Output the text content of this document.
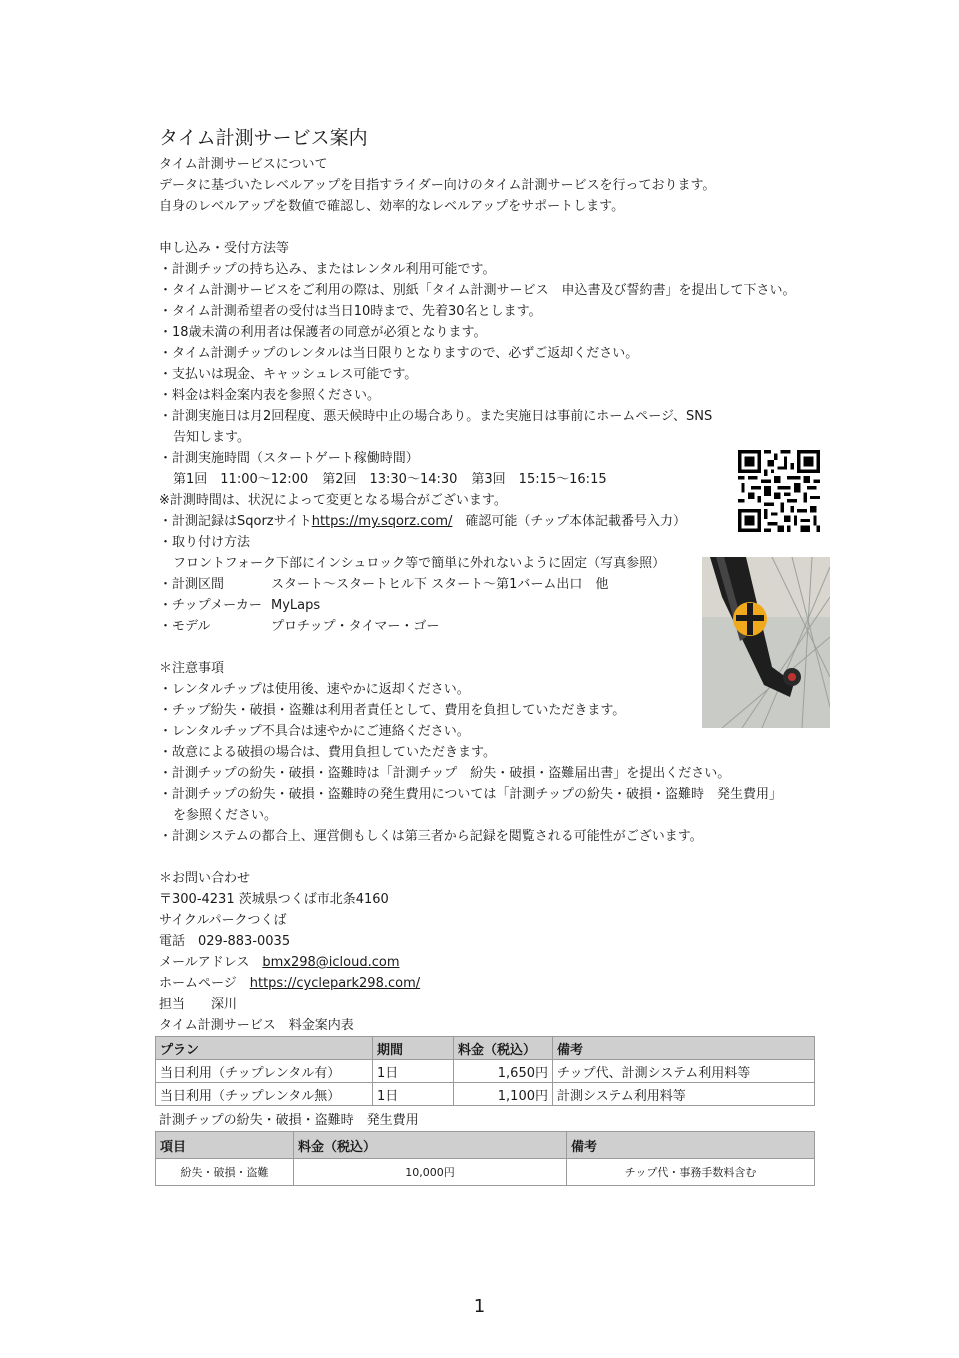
タイム計測サービス案内
タイム計測サービスについて
データに基づいたレベルアップを目指すライダー向けのタイム計測サービスを行っております。
自身のレベルアップを数値で確認し、効率的なレベルアップをサポートします。
申し込み・受付方法等
・計測チップの持ち込み、またはレンタル利用可能です。
・タイム計測サービスをご利用の際は、別紙「タイム計測サービス　申込書及び誓約書」を提出して下さい。
・タイム計測希望者の受付は当日10時まで、先着30名とします。
・18歳未満の利用者は保護者の同意が必須となります。
・タイム計測チップのレンタルは当日限りとなりますので、必ずご返却ください。
・支払いは現金、キャッシュレス可能です。
・料金は料金案内表を参照ください。
・計測実施日は月2回程度、悪天候時中止の場合あり。また実施日は事前にホームページ、SNS
告知します。
・計測実施時間（スタートゲート稼働時間）
第1回　11:00〜12:00 第2回　13:30〜14:30 第3回　15:15〜16:15
※計測時間は、状況によって変更となる場合がございます。
・計測記録はSqorzサイトhttps://my.sqorz.com/　確認可能（チップ本体記載番号入力）
・取り付け方法
フロントフォーク下部にインシュロック等で簡単に外れないように固定（写真参照）
・計測区間	スタート〜スタートヒル下 スタート〜第1バーム出口　他
・チップメーカー MyLaps
・モデル	プロチップ・タイマー・ゴー
＊注意事項
・レンタルチップは使用後、速やかに返却ください。
・チップ紛失・破損・盗難は利用者責任として、費用を負担していただきます。
・レンタルチップ不具合は速やかにご連絡ください。
・故意による破損の場合は、費用負担していただきます。
・計測チップの紛失・破損・盗難時は「計測チップ　紛失・破損・盗難届出書」を提出ください。
・計測チップの紛失・破損・盗難時の発生費用については「計測チップの紛失・破損・盗難時　発生費用」
を参照ください。
・計測システムの都合上、運営側もしくは第三者から記録を閲覧される可能性がございます。
＊お問い合わせ
〒300-4231 茨城県つくば市北条4160
サイクルパークつくば
電話　029-883-0035
メールアドレス　bmx298@icloud.com
ホームページ　https://cyclepark298.com/
担当　　深川
タイム計測サービス　料金案内表
プラン	期間	料金（税込）	備考
当日利用（チップレンタル有）	1日	1,650円	チップ代、計測システム利用料等
当日利用（チップレンタル無）	1日	1,100円	計測システム利用料等
計測チップの紛失・破損・盗難時　発生費用
項目	料金（税込）	備考
紛失・破損・盗難	10,000円	チップ代・事務手数料含む
1
